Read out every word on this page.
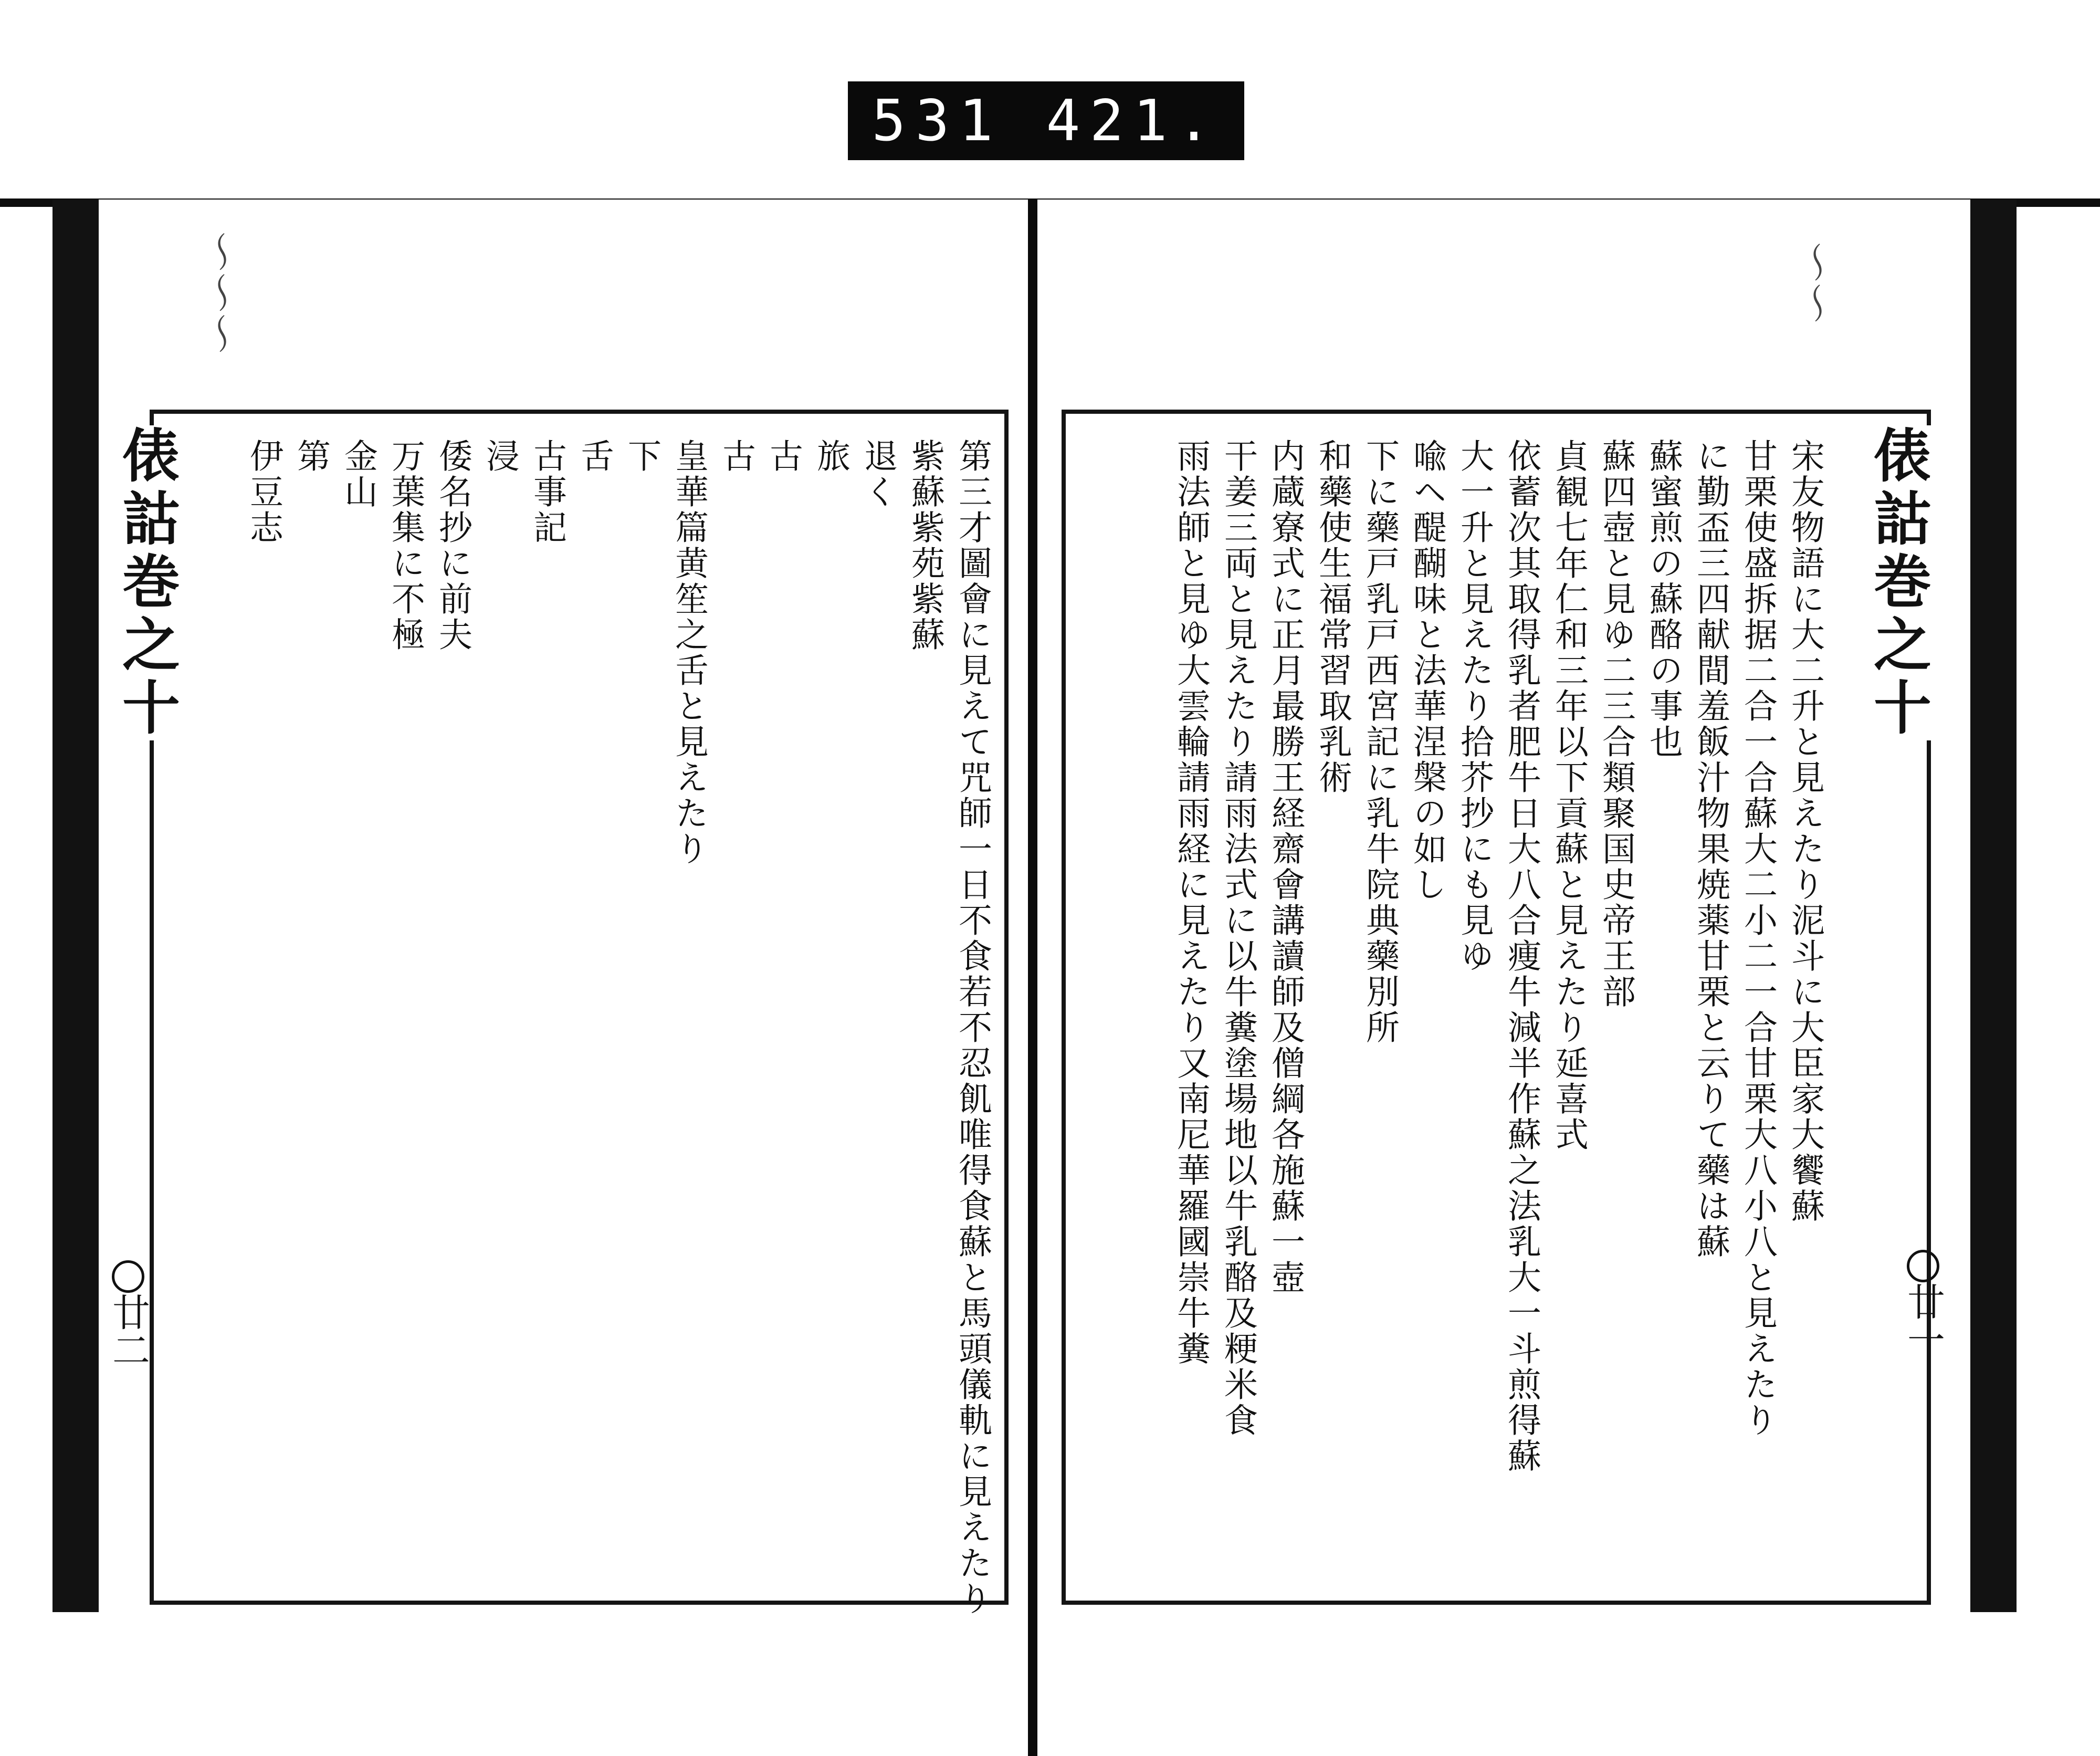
531 421.
〜〜〜
俵詁巻之十
廿二	第三才圖會に見えて咒師一日不食若不忍飢唯得食蘇と馬頭儀軌に見えたり
紫蘇紫苑紫蘇
退く
旅
古
古
皇華篇黄笙之舌と見えたり
下
舌
古事記
浸
倭名抄に前夫
万葉集に不極
金山
第
伊豆志
〜〜
俵詁巻之十
廿一
宋友物語に大二升と見えたり泥斗に大臣家大饗蘇
甘栗使盛拆据二合一合蘇大二小二一合甘栗大八小八と見えたり
に勤盃三四献間羞飯汁物果焼薬甘栗と云りて藥は蘇
蘇蜜煎の蘇酪の事也
蘇四壺と見ゆ二三合類聚国史帝王部
貞観七年仁和三年以下貢蘇と見えたり延喜式
依蓄次其取得乳者肥牛日大八合痩牛減半作蘇之法乳大一斗煎得蘇
大一升と見えたり拾芥抄にも見ゆ
喩ヘ醍醐味と法華涅槃の如し
下に藥戸乳戸西宮記に乳牛院典藥別所
和藥使生福常習取乳術
内蔵寮式に正月最勝王経齋會講讀師及僧綱各施蘇一壺
干姜三両と見えたり請雨法式に以牛糞塗場地以牛乳酪及粳米食
雨法師と見ゆ大雲輪請雨経に見えたり又南尼華羅國崇牛糞
